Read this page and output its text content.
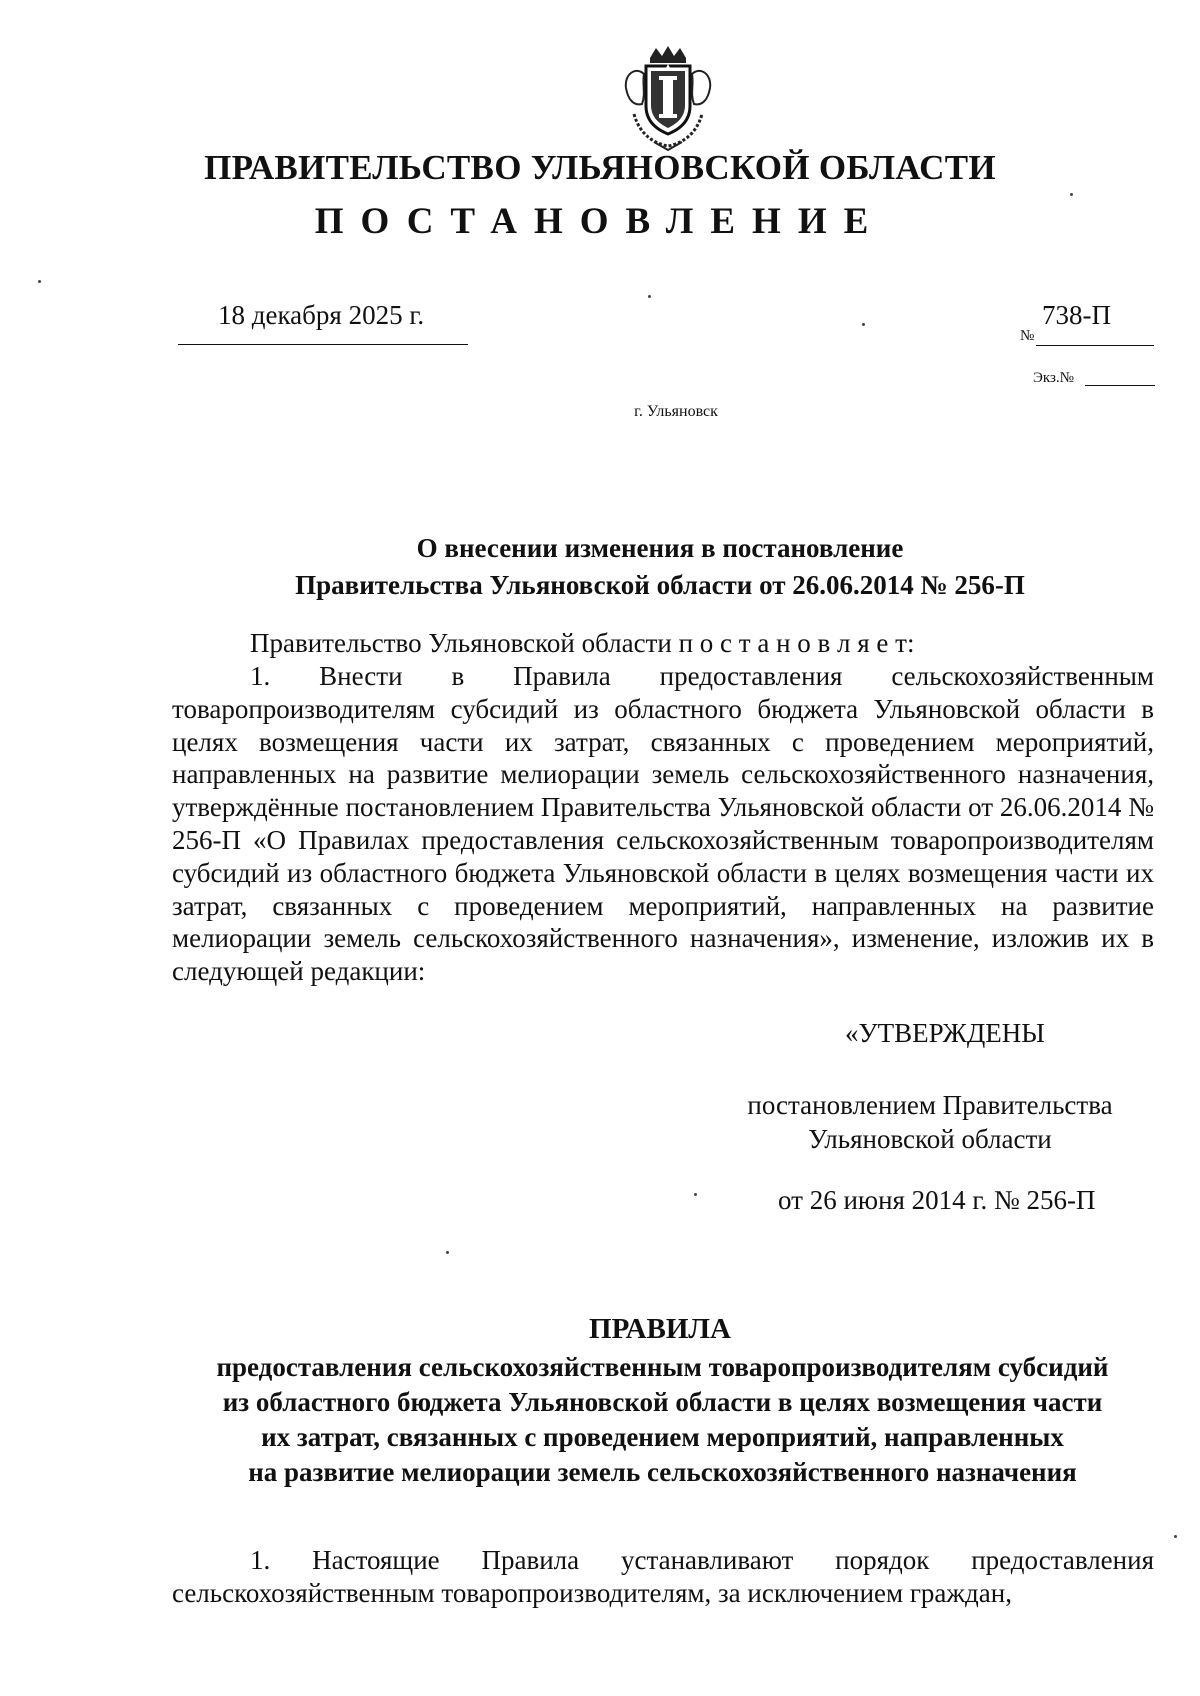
ПРАВИТЕЛЬСТВО УЛЬЯНОВСКОЙ ОБЛАСТИ
ПОСТАНОВЛЕНИЕ
18 декабря 2025 г.
№
738-П
Экз.№
г. Ульяновск
О внесении изменения в постановление
Правительства Ульяновской области от 26.06.2014 № 256-П
Правительство Ульяновской области п о с т а н о в л я е т:
1. Внести в Правила предоставления сельскохозяйственным товаропроизводителям субсидий из областного бюджета Ульяновской области в целях возмещения части их затрат, связанных с проведением мероприятий, направленных на развитие мелиорации земель сельскохозяйственного назначения, утверждённые постановлением Правительства Ульяновской области от 26.06.2014 № 256-П «О Правилах предоставления сельскохозяйственным товаропроизводителям субсидий из областного бюджета Ульяновской области в целях возмещения части их затрат, связанных с проведением мероприятий, направленных на развитие мелиорации земель сельскохозяйственного назначения», изменение, изложив их в следующей редакции:
«УТВЕРЖДЕНЫ
постановлением Правительства
Ульяновской области
от 26 июня 2014 г. № 256-П
ПРАВИЛА
предоставления сельскохозяйственным товаропроизводителям субсидий
из областного бюджета Ульяновской области в целях возмещения части
их затрат, связанных с проведением мероприятий, направленных
на развитие мелиорации земель сельскохозяйственного назначения
1. Настоящие Правила устанавливают порядок предоставления сельскохозяйственным товаропроизводителям, за исключением граждан,
